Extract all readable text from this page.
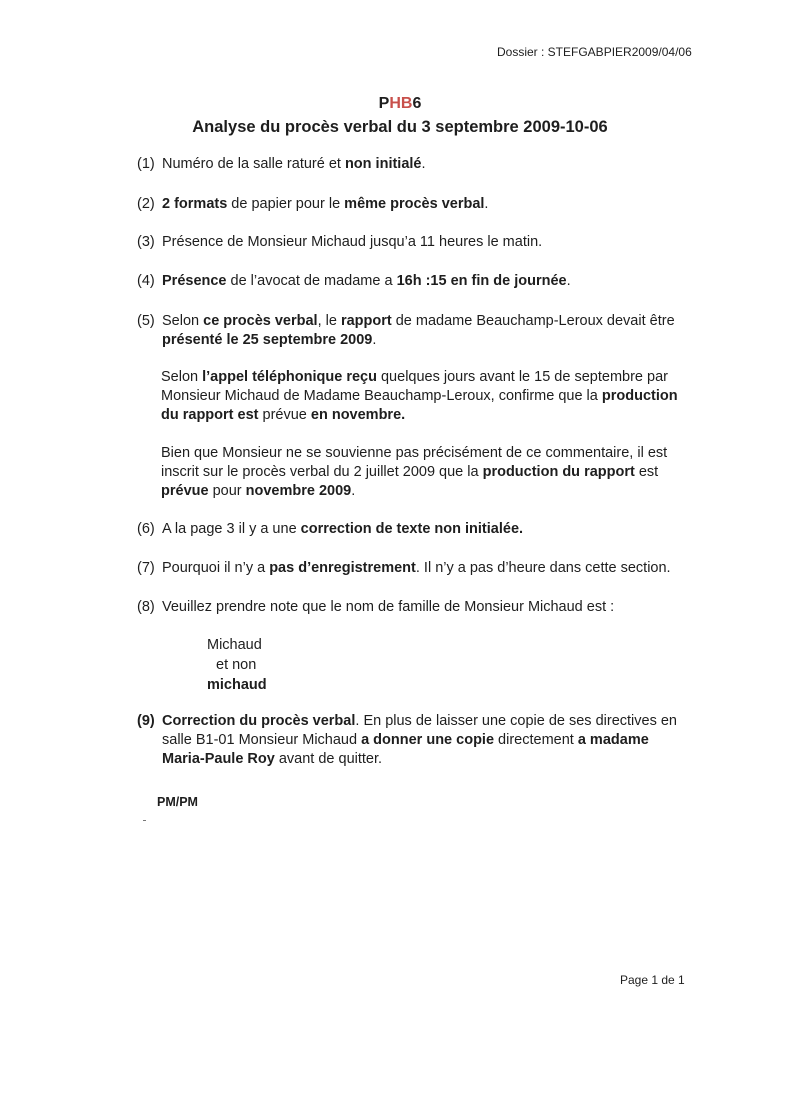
Dossier : STEFGABPIER2009/04/06
PHB6
Analyse du procès verbal du 3 septembre 2009-10-06
(1) Numéro de la salle raturé et non initialé.
(2) 2 formats de papier pour le même procès verbal.
(3) Présence de Monsieur Michaud jusqu’a 11 heures le matin.
(4) Présence de l’avocat de madame a 16h :15 en fin de journée.
(5) Selon ce procès verbal, le rapport de madame Beauchamp-Leroux devait être
présenté le 25 septembre 2009.
Selon l’appel téléphonique reçu quelques jours avant le 15 de septembre par
Monsieur Michaud de Madame Beauchamp-Leroux, confirme que la production
du rapport est prévue en novembre.
Bien que Monsieur ne se souvienne pas précisément de ce commentaire, il est
inscrit sur le procès verbal du 2 juillet 2009 que la production du rapport est
prévue pour novembre 2009.
(6) A la page 3 il y a une correction de texte non initialée.
(7) Pourquoi il n’y a pas d’enregistrement. Il n’y a pas d’heure dans cette section.
(8) Veuillez prendre note que le nom de famille de Monsieur Michaud est :
Michaud
et non
michaud
(9) Correction du procès verbal. En plus de laisser une copie de ses directives en
salle B1-01 Monsieur Michaud a donner une copie directement a madame
Maria-Paule Roy avant de quitter.
PM/PM
Page 1 de 1
